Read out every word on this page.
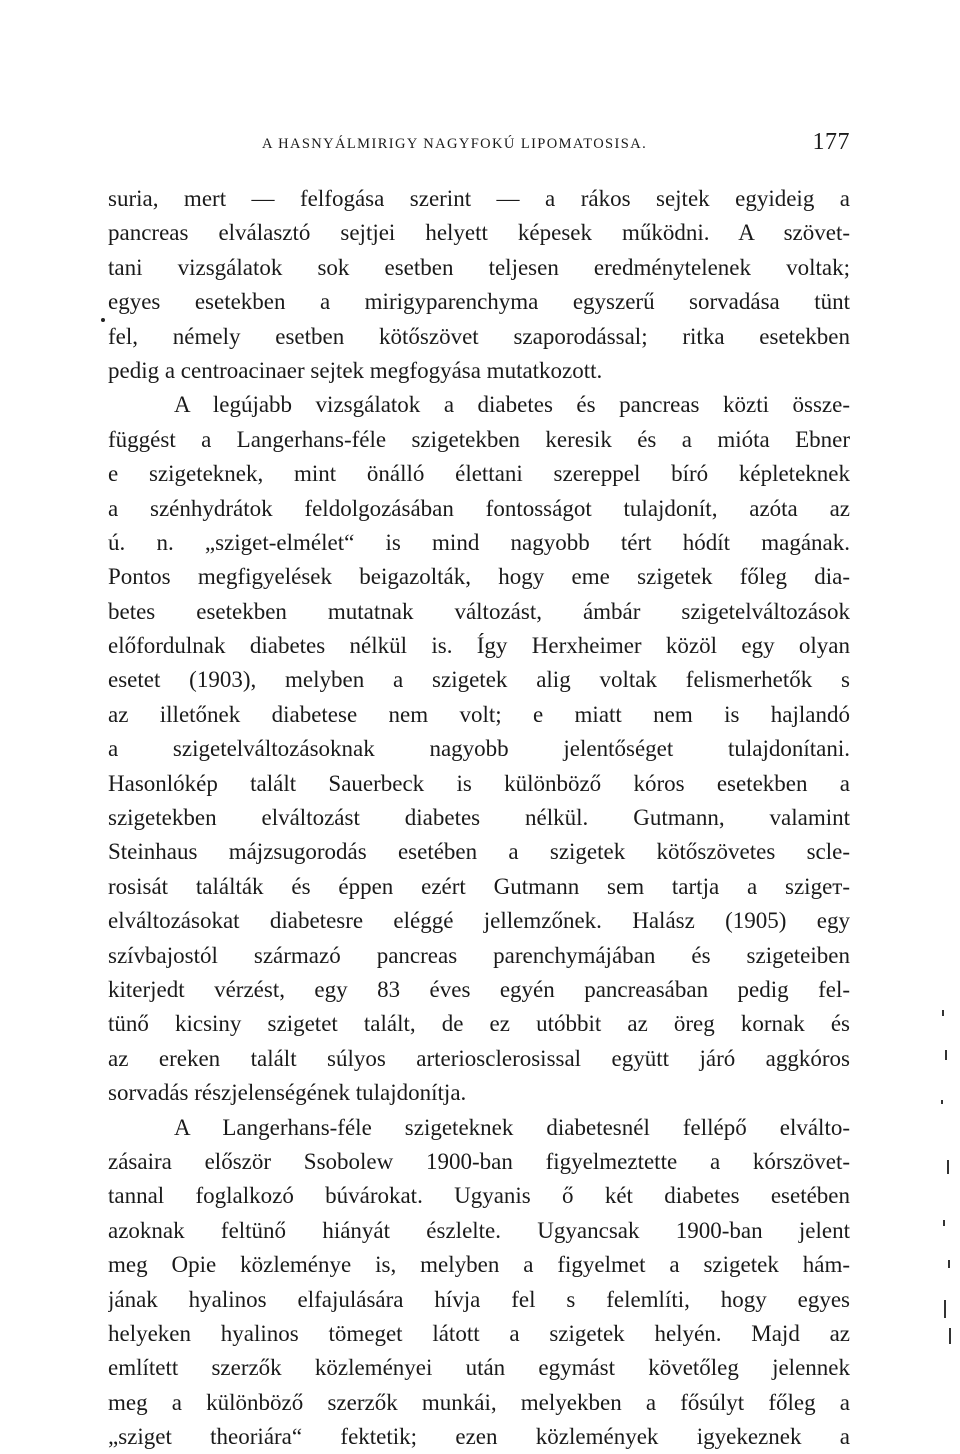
A HASNYÁLMIRIGY NAGYFOKÚ LIPOMATOSISA.	177
suria, mert — felfogása szerint — a rákos sejtek egyideig a
pancreas elválasztó sejtjei helyett képesek működni. A szövet-
tani vizsgálatok sok esetben teljesen eredménytelenek voltak;
egyes esetekben a mirigyparenchyma egyszerű sorvadása tünt
fel, némely esetben kötőszövet szaporodással; ritka esetekben
pedig a centroacinaer sejtek megfogyása mutatkozott.
A legújabb vizsgálatok a diabetes és pancreas közti össze-
függést a Langerhans-féle szigetekben keresik és a mióta Ebner
e szigeteknek, mint önálló élettani szereppel bíró képleteknek
a szénhydrátok feldolgozásában fontosságot tulajdonít, azóta az
ú. n. „sziget-elmélet“ is mind nagyobb tért hódít magának.
Pontos megfigyelések beigazolták, hogy eme szigetek főleg dia-
betes esetekben mutatnak változást, ámbár szigetelváltozások
előfordulnak diabetes nélkül is. Így Herxheimer közöl egy olyan
esetet (1903), melyben a szigetek alig voltak felismerhetők s
az illetőnek diabetese nem volt; e miatt nem is hajlandó
a szigetelváltozásoknak nagyobb jelentőséget tulajdonítani.
Hasonlókép talált Sauerbeck is különböző kóros esetekben a
szigetekben elváltozást diabetes nélkül. Gutmann, valamint
Steinhaus májzsugorodás esetében a szigetek kötőszövetes scle-
rosisát találták és éppen ezért Gutmann sem tartja a szigет-
elváltozásokat diabetesre eléggé jellemzőnek. Halász (1905) egy
szívbajostól származó pancreas parenchymájában és szigeteiben
kiterjedt vérzést, egy 83 éves egyén pancreasában pedig fel-
tünő kicsiny szigetet talált, de ez utóbbit az öreg kornak és
az ereken talált súlyos arteriosclerosissal együtt járó aggkóros
sorvadás részjelenségének tulajdonítja.
A Langerhans-féle szigeteknek diabetesnél fellépő elválto-
zásaira először Ssobolew 1900-ban figyelmeztette a kórszövet-
tannal foglalkozó búvárokat. Ugyanis ő két diabetes esetében
azoknak feltünő hiányát észlelte. Ugyancsak 1900-ban jelent
meg Opie közleménye is, melyben a figyelmet a szigetek hám-
jának hyalinos elfajulására hívja fel s felemlíti, hogy egyes
helyeken hyalinos tömeget látott a szigetek helyén. Majd az
említett szerzők közleményei után egymást követőleg jelennek
meg a különböző szerzők munkái, melyekben a fősúlyt főleg a
„sziget theoriára“ fektetik; ezen közlemények igyekeznek a
